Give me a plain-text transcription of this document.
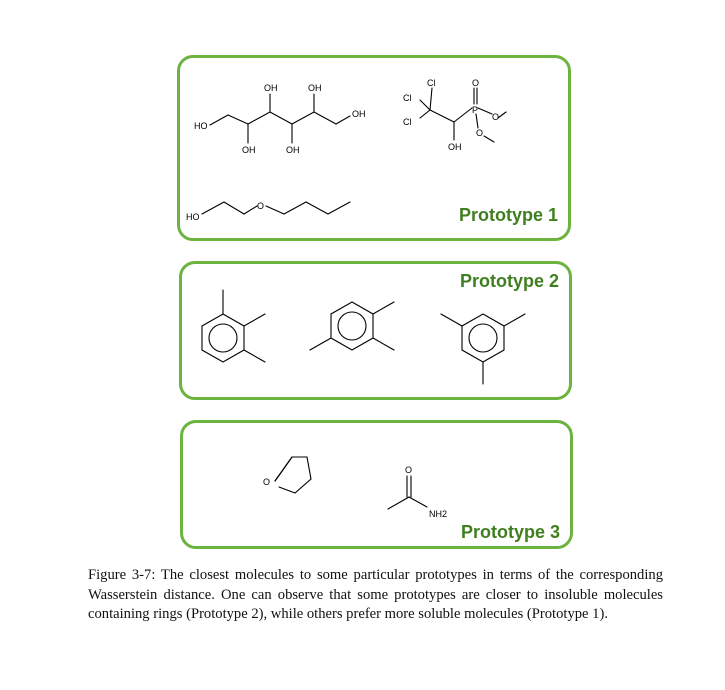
HO
OH	OH
OH
OH	OH
Cl
Cl
Cl
O
P
O
O
OH
HO
O	Prototype 1
Prototype 2
O
O
NH2
Prototype 3
Figure 3-7: The closest molecules to some particular prototypes in terms of the corresponding Wasserstein distance. One can observe that some prototypes are closer to insoluble molecules containing rings (Prototype 2), while others prefer more soluble molecules (Prototype 1).
